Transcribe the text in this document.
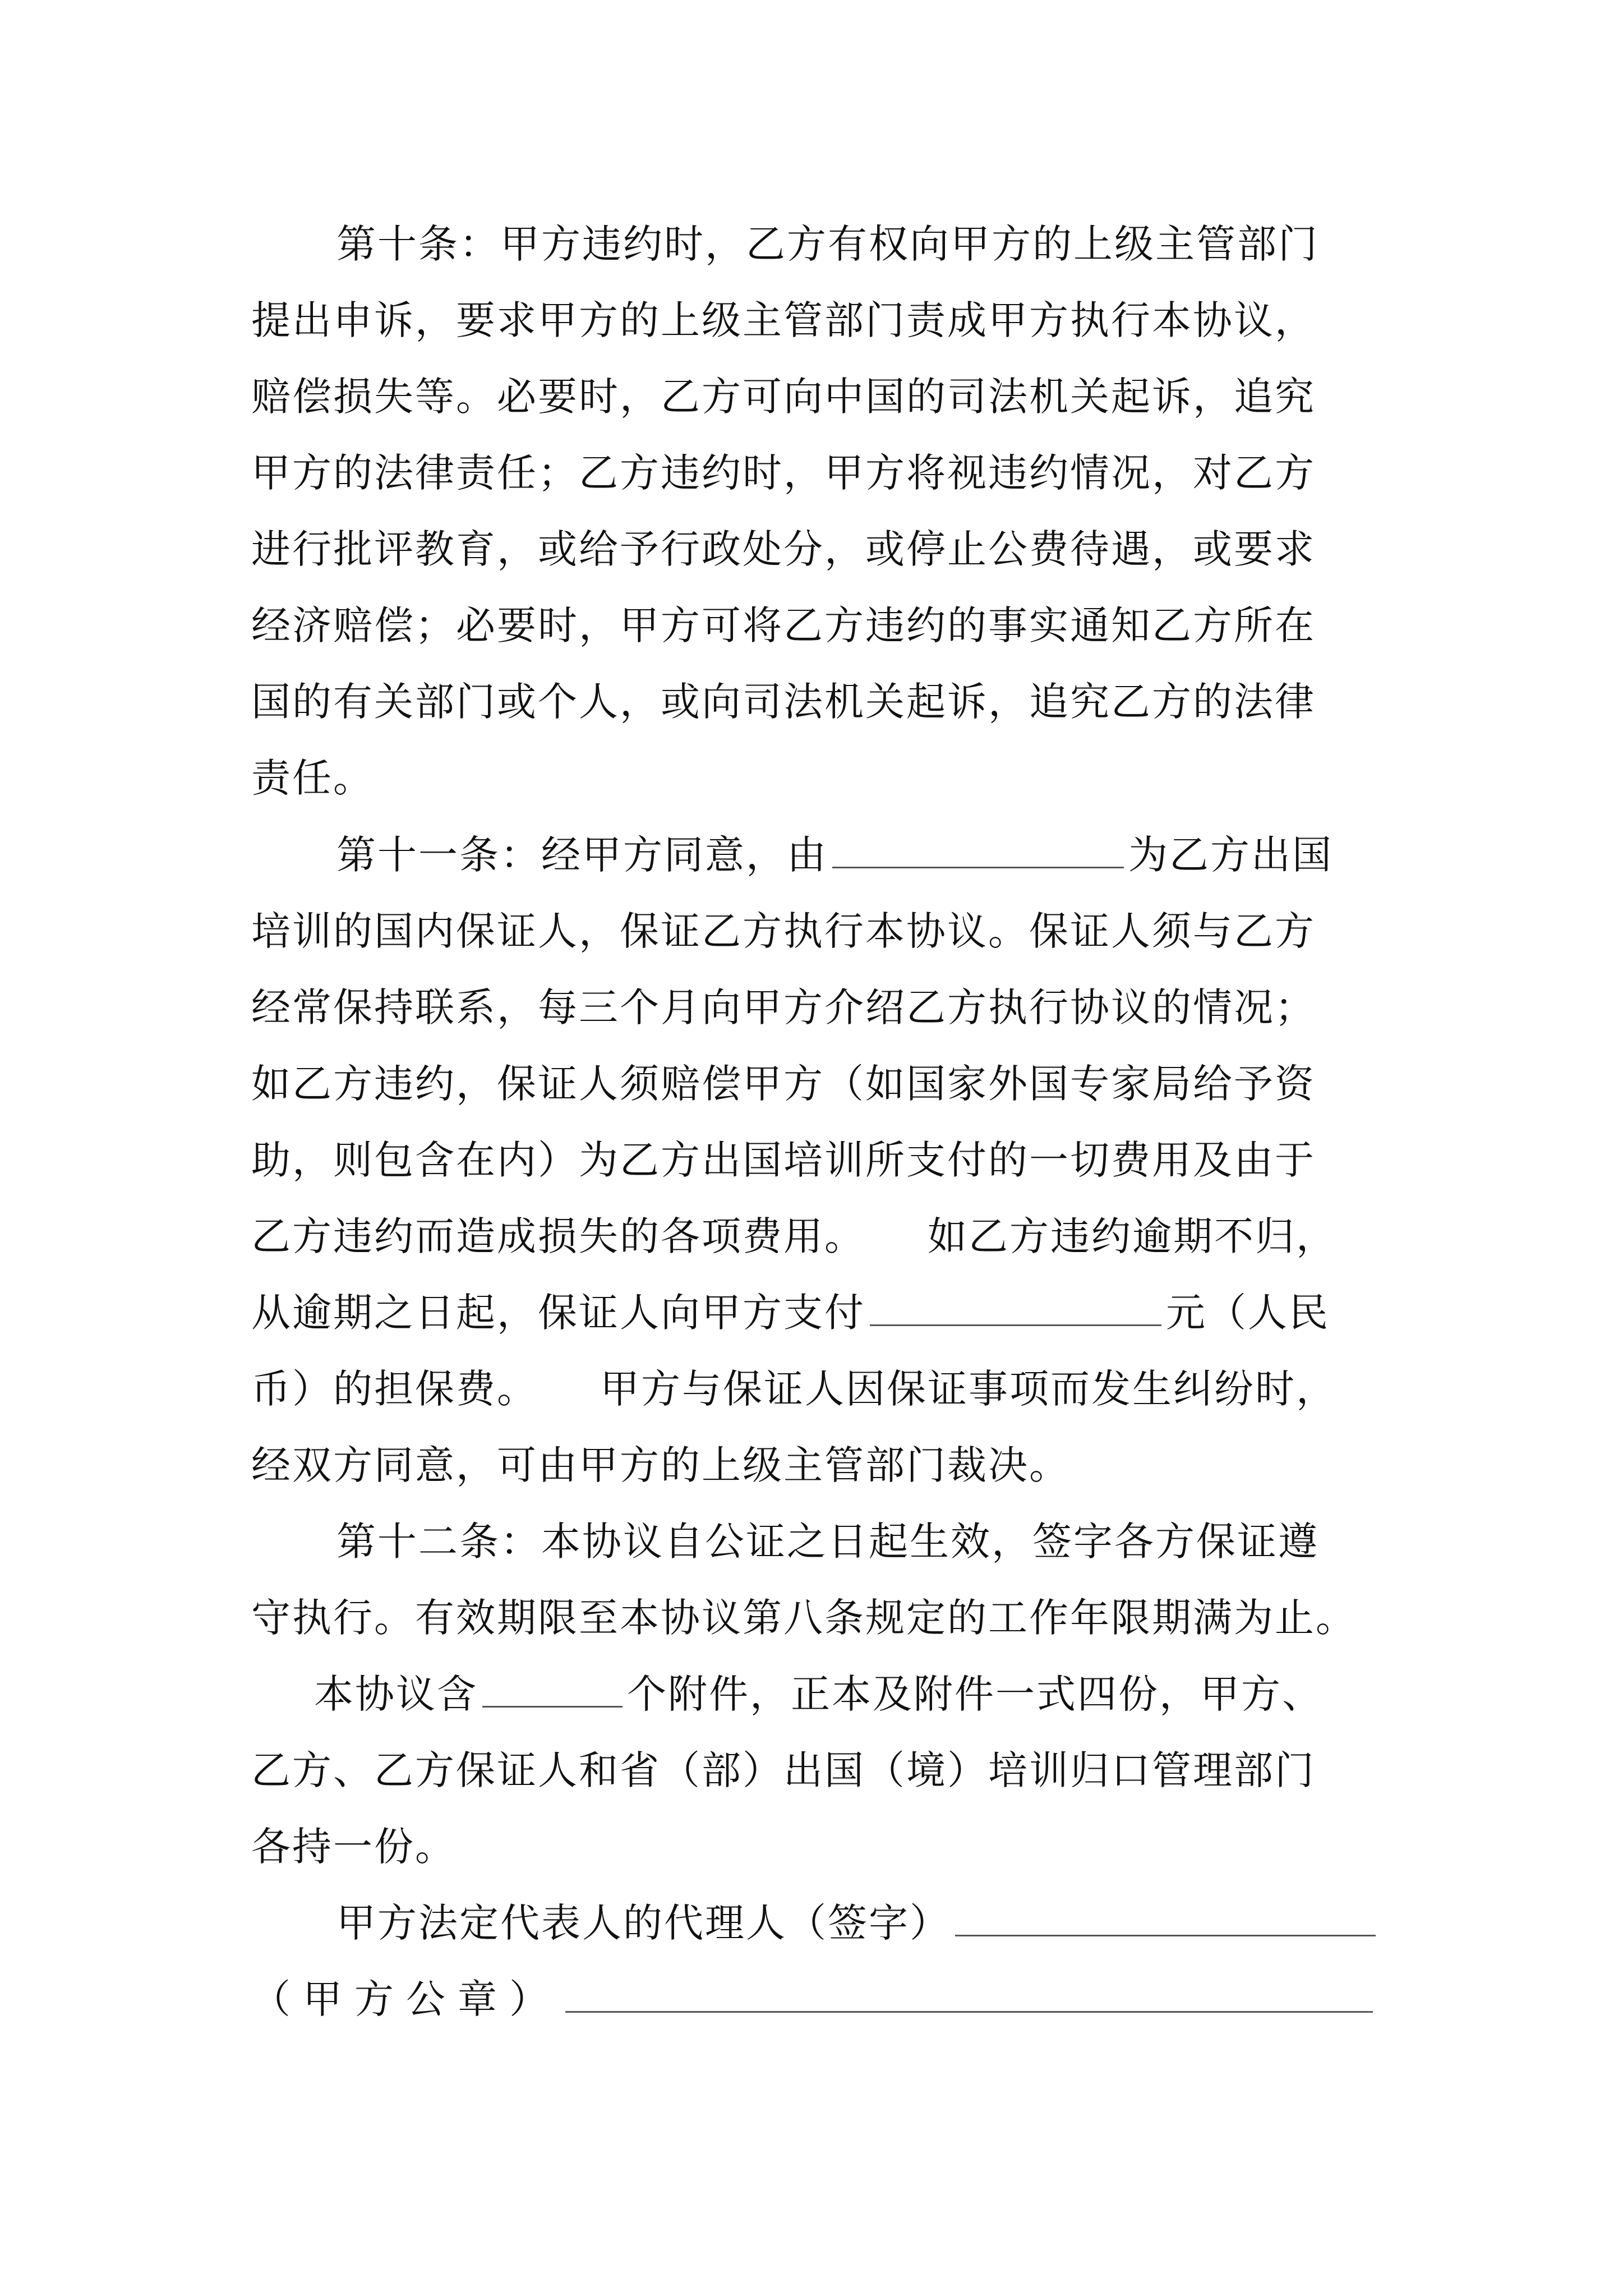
第十条：甲方违约时，乙方有权向甲方的上级主管部门
提出申诉，要求甲方的上级主管部门责成甲方执行本协议，
赔偿损失等。必要时，乙方可向中国的司法机关起诉，追究
甲方的法律责任；乙方违约时，甲方将视违约情况，对乙方
进行批评教育，或给予行政处分，或停止公费待遇，或要求
经济赔偿；必要时，甲方可将乙方违约的事实通知乙方所在
国的有关部门或个人，或向司法机关起诉，追究乙方的法律
责任。
第十一条：经甲方同意，由	为乙方出国
培训的国内保证人，保证乙方执行本协议。保证人须与乙方
经常保持联系，每三个月向甲方介绍乙方执行协议的情况；
如乙方违约，保证人须赔偿甲方（如国家外国专家局给予资
助，则包含在内）为乙方出国培训所支付的一切费用及由于
乙方违约而造成损失的各项费用。　　如乙方违约逾期不归，
从逾期之日起，保证人向甲方支付	元（人民
币）的担保费。　　甲方与保证人因保证事项而发生纠纷时，
经双方同意，可由甲方的上级主管部门裁决。
第十二条：本协议自公证之日起生效，签字各方保证遵
守执行。有效期限至本协议第八条规定的工作年限期满为止。
本协议含	个附件，正本及附件一式四份，甲方、
乙方、乙方保证人和省（部）出国（境）培训归口管理部门
各持一份。
甲方法定代表人的代理人（签字）
（甲方公章）
